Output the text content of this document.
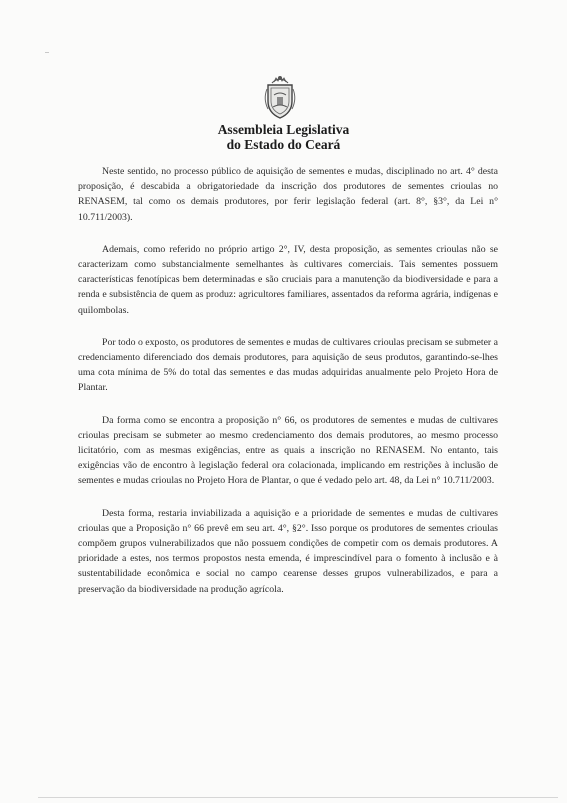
Assembleia Legislativa
do Estado do Ceará

Neste sentido, no processo público de aquisição de sementes e mudas, disciplinado no art. 4° desta proposição, é descabida a obrigatoriedade da inscrição dos produtores de sementes crioulas no RENASEM, tal como os demais produtores, por ferir legislação federal (art. 8°, §3°, da Lei n° 10.711/2003).

Ademais, como referido no próprio artigo 2°, IV, desta proposição, as sementes crioulas não se caracterizam como substancialmente semelhantes às cultivares comerciais. Tais sementes possuem características fenotípicas bem determinadas e são cruciais para a manutenção da biodiversidade e para a renda e subsistência de quem as produz: agricultores familiares, assentados da reforma agrária, indígenas e quilombolas.

Por todo o exposto, os produtores de sementes e mudas de cultivares crioulas precisam se submeter a credenciamento diferenciado dos demais produtores, para aquisição de seus produtos, garantindo-se-lhes uma cota mínima de 5% do total das sementes e das mudas adquiridas anualmente pelo Projeto Hora de Plantar.

Da forma como se encontra a proposição n° 66, os produtores de sementes e mudas de cultivares crioulas precisam se submeter ao mesmo credenciamento dos demais produtores, ao mesmo processo licitatório, com as mesmas exigências, entre as quais a inscrição no RENASEM. No entanto, tais exigências vão de encontro à legislação federal ora colacionada, implicando em restrições à inclusão de sementes e mudas crioulas no Projeto Hora de Plantar, o que é vedado pelo art. 48, da Lei n° 10.711/2003.

Desta forma, restaria inviabilizada a aquisição e a prioridade de sementes e mudas de cultivares crioulas que a Proposição n° 66 prevê em seu art. 4°, §2°. Isso porque os produtores de sementes crioulas compõem grupos vulnerabilizados que não possuem condições de competir com os demais produtores. A prioridade a estes, nos termos propostos nesta emenda, é imprescindível para o fomento à inclusão e à sustentabilidade econômica e social no campo cearense desses grupos vulnerabilizados, e para a preservação da biodiversidade na produção agrícola.
